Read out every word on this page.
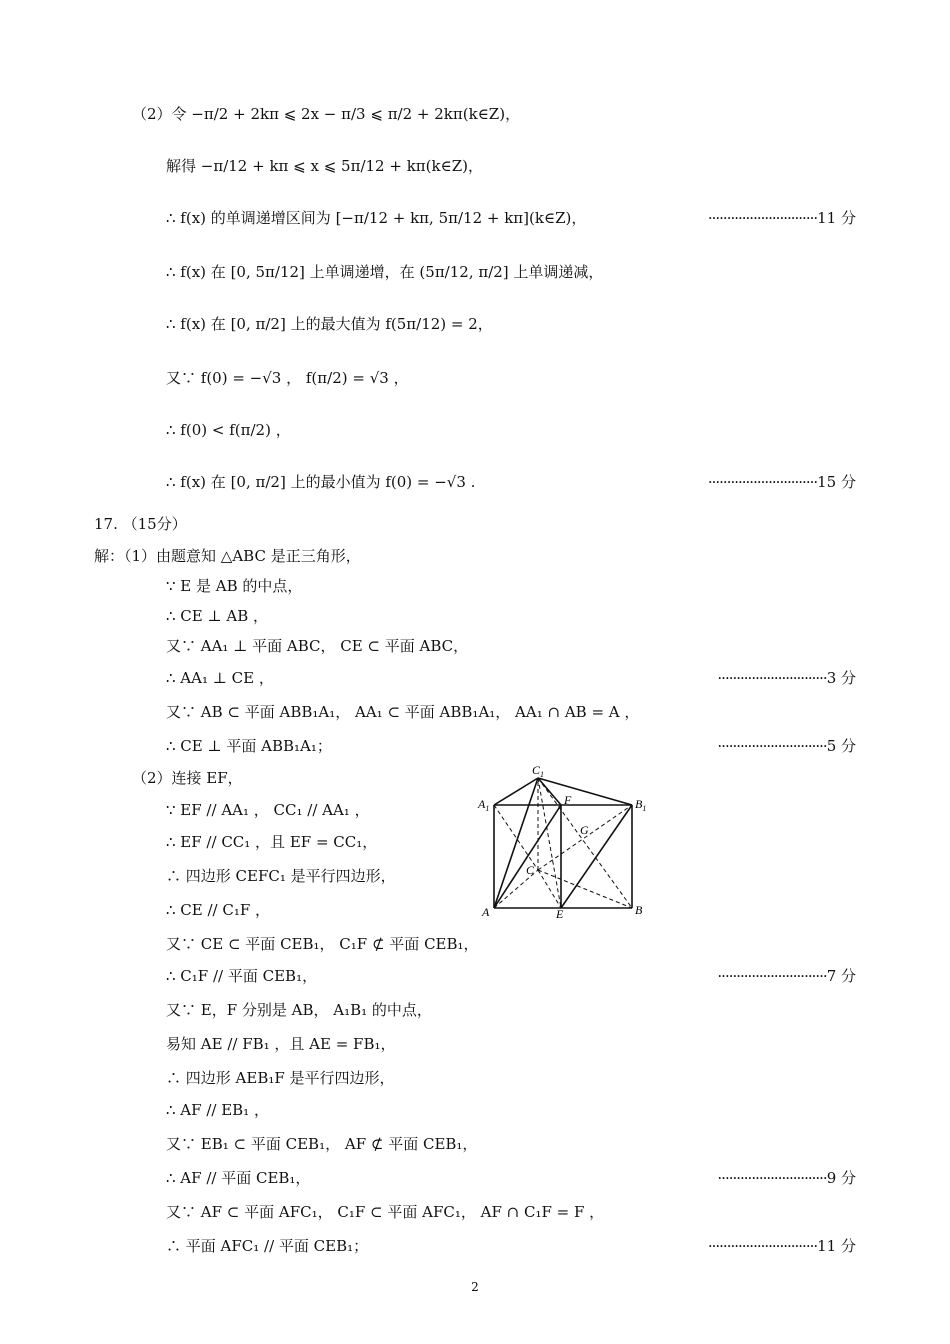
（2）令 −π/2 + 2kπ ⩽ 2x − π/3 ⩽ π/2 + 2kπ(k∈Z)，
解得 −π/12 + kπ ⩽ x ⩽ 5π/12 + kπ(k∈Z)，
∴ f(x) 的单调递增区间为 [−π/12 + kπ, 5π/12 + kπ](k∈Z)，	·····························11 分
∴ f(x) 在 [0, 5π/12] 上单调递增，在 (5π/12, π/2] 上单调递减，
∴ f(x) 在 [0, π/2] 上的最大值为 f(5π/12) = 2，
又∵ f(0) = −√3 ， f(π/2) = √3 ，
∴ f(0) < f(π/2) ，
∴ f(x) 在 [0, π/2] 上的最小值为 f(0) = −√3 .	·····························15 分
17. （15分）
解：（1）由题意知 △ABC 是正三角形，
∵ E 是 AB 的中点，
∴ CE ⊥ AB ，
又∵ AA₁ ⊥ 平面 ABC， CE ⊂ 平面 ABC，
∴ AA₁ ⊥ CE ，	·····························3 分
又∵ AB ⊂ 平面 ABB₁A₁， AA₁ ⊂ 平面 ABB₁A₁， AA₁ ∩ AB = A ，
∴ CE ⊥ 平面 ABB₁A₁；	·····························5 分
（2）连接 EF，
∵ EF // AA₁ ， CC₁ // AA₁ ，
∴ EF // CC₁ ，且 EF = CC₁，
∴ 四边形 CEFC₁ 是平行四边形，
∴ CE // C₁F ，
又∵ CE ⊂ 平面 CEB₁， C₁F ⊄ 平面 CEB₁，
∴ C₁F // 平面 CEB₁，	·····························7 分
又∵ E，F 分别是 AB， A₁B₁ 的中点，
易知 AE // FB₁ ，且 AE = FB₁，
∴ 四边形 AEB₁F 是平行四边形，
∴ AF // EB₁ ，
又∵ EB₁ ⊂ 平面 CEB₁， AF ⊄ 平面 CEB₁，
∴ AF // 平面 CEB₁，	·····························9 分
又∵ AF ⊂ 平面 AFC₁， C₁F ⊂ 平面 AFC₁， AF ∩ C₁F = F ，
∴ 平面 AFC₁ // 平面 CEB₁；	·····························11 分
$C_1$
$A_1$
F	$B_1$
G
C
A	E	B
2
